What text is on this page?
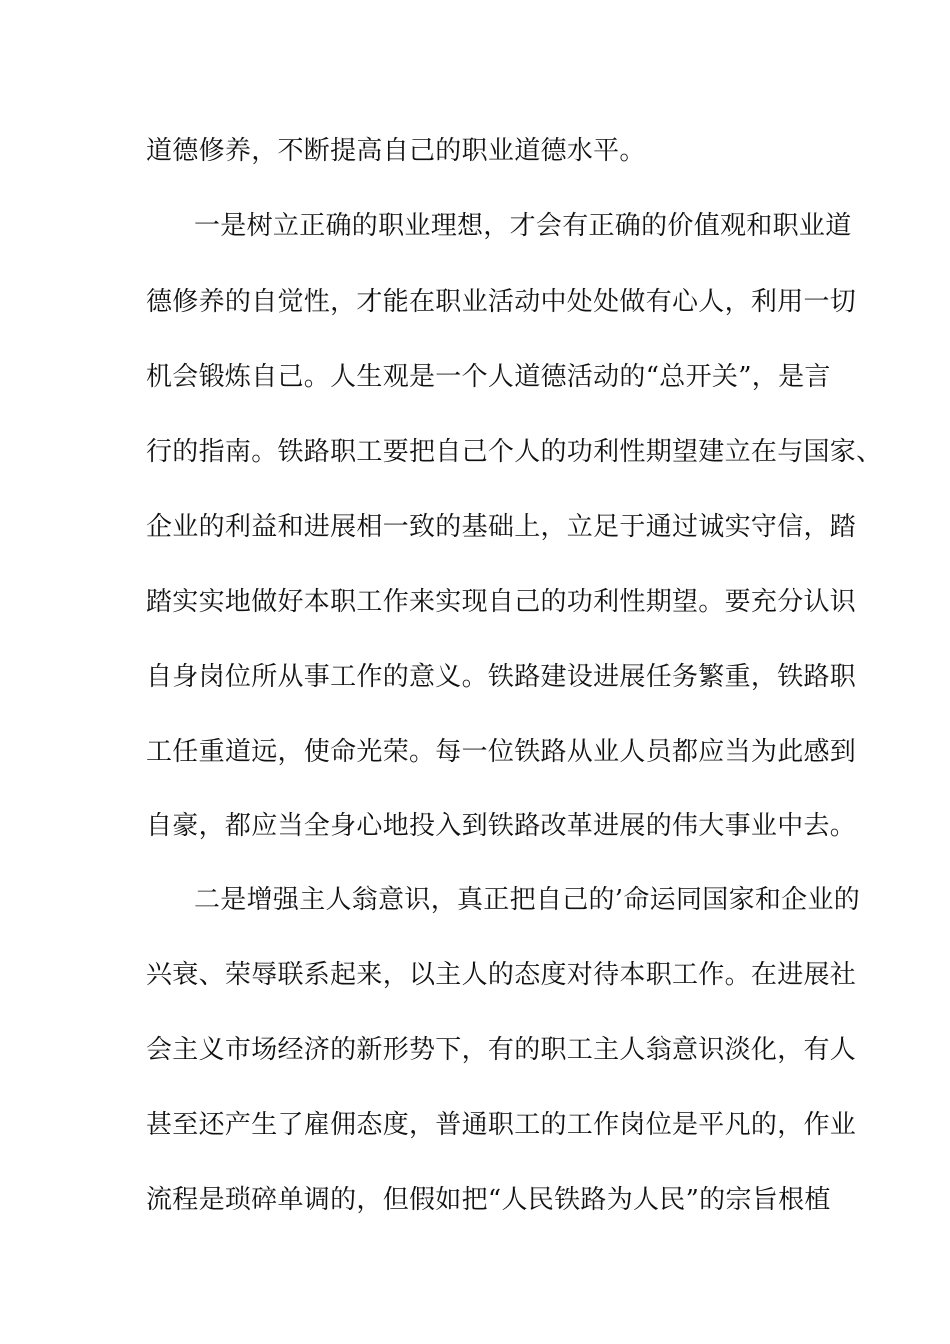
道德修养，不断提高自己的职业道德水平。
一是树立正确的职业理想，才会有正确的价值观和职业道
德修养的自觉性，才能在职业活动中处处做有心人，利用一切
机会锻炼自己。人生观是一个人道德活动的“总开关”，是言
行的指南。铁路职工要把自己个人的功利性期望建立在与国家、
企业的利益和进展相一致的基础上，立足于通过诚实守信，踏
踏实实地做好本职工作来实现自己的功利性期望。要充分认识
自身岗位所从事工作的意义。铁路建设进展任务繁重，铁路职
工任重道远，使命光荣。每一位铁路从业人员都应当为此感到
自豪，都应当全身心地投入到铁路改革进展的伟大事业中去。
二是增强主人翁意识，真正把自己的’命运同国家和企业的
兴衰、荣辱联系起来，以主人的态度对待本职工作。在进展社
会主义市场经济的新形势下，有的职工主人翁意识淡化，有人
甚至还产生了雇佣态度，普通职工的工作岗位是平凡的，作业
流程是琐碎单调的，但假如把“人民铁路为人民”的宗旨根植
